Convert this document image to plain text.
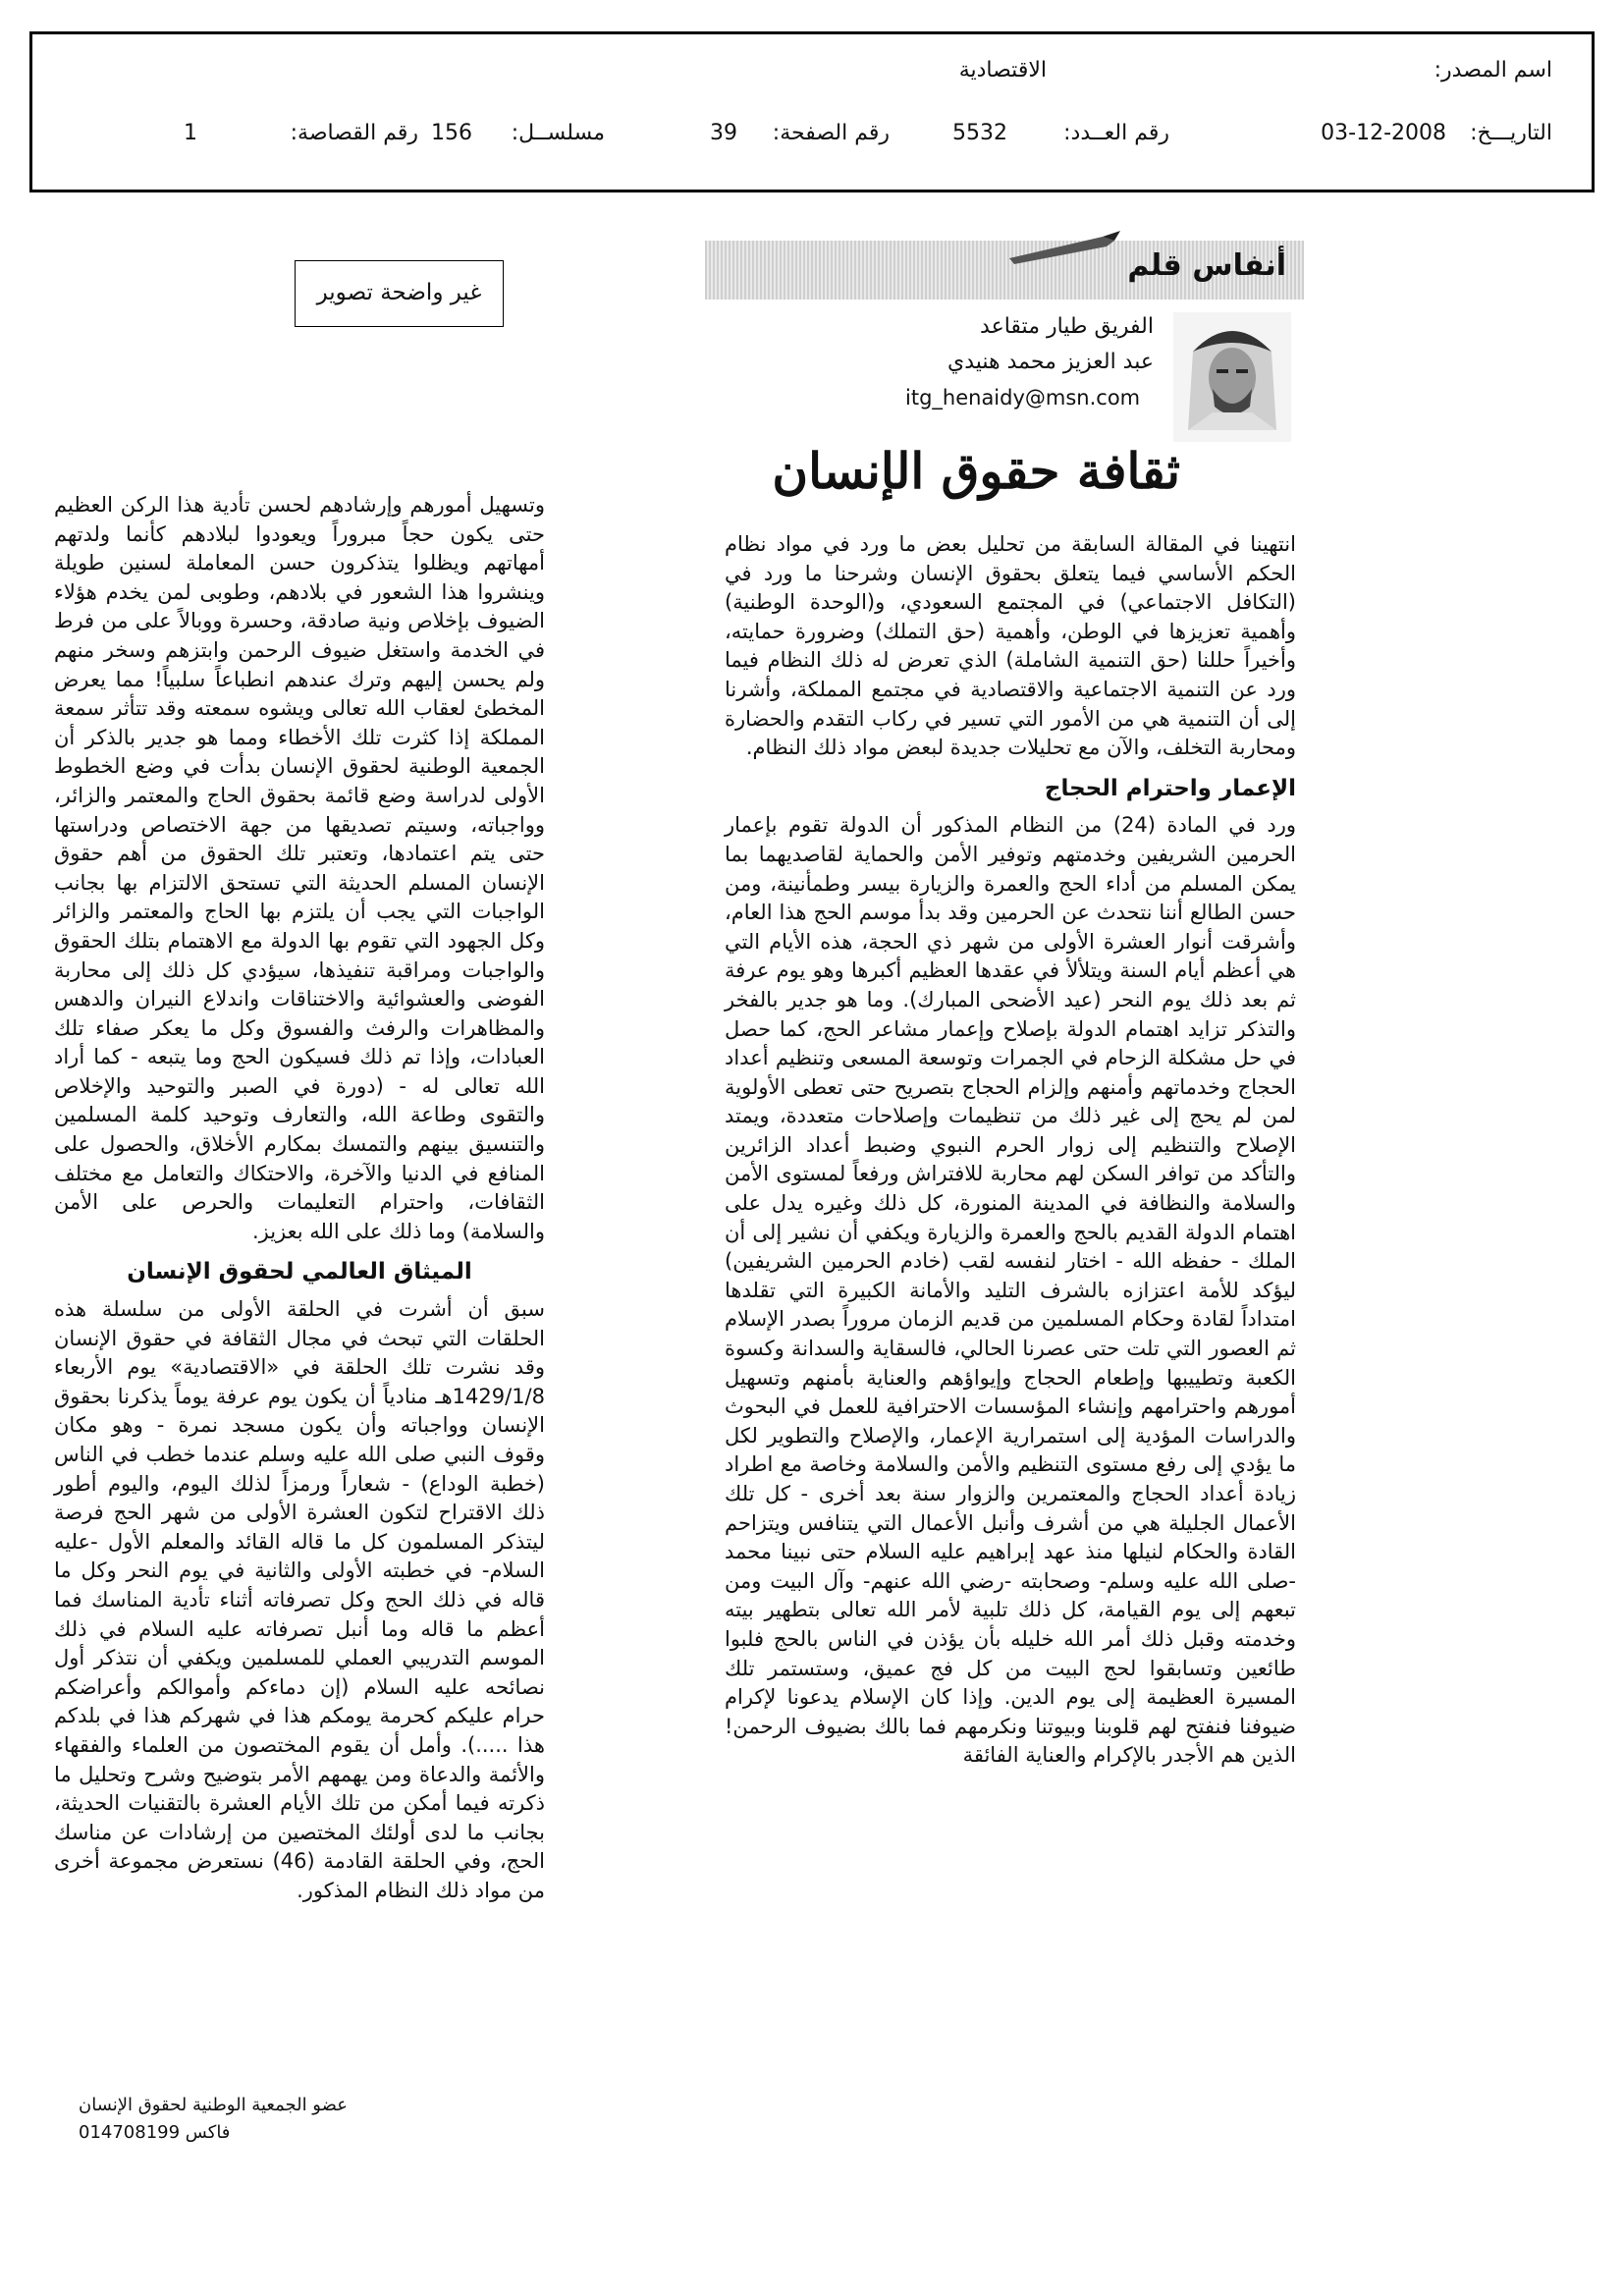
اسم المصدر:
الاقتصادية
التاريـــخ:
03-12-2008
رقم العــدد:
5532
رقم الصفحة:
39
مسلســل:
156
رقم القصاصة:
1
غير واضحة تصوير
أنفاس قلم
الفريق طيار متقاعد
عبد العزيز محمد هنيدي
itg_henaidy@msn.com
ثقافة حقوق الإنسان

انتهينا في المقالة السابقة من تحليل بعض ما ورد في مواد نظام الحكم الأساسي فيما يتعلق بحقوق الإنسان وشرحنا ما ورد في (التكافل الاجتماعي) في المجتمع السعودي، و(الوحدة الوطنية) وأهمية تعزيزها في الوطن، وأهمية (حق التملك) وضرورة حمايته، وأخيراً حللنا (حق التنمية الشاملة) الذي تعرض له ذلك النظام فيما ورد عن التنمية الاجتماعية والاقتصادية في مجتمع المملكة، وأشرنا إلى أن التنمية هي من الأمور التي تسير في ركاب التقدم والحضارة ومحاربة التخلف، والآن مع تحليلات جديدة لبعض مواد ذلك النظام.

الإعمار واحترام الحجاج

ورد في المادة (24) من النظام المذكور أن الدولة تقوم بإعمار الحرمين الشريفين وخدمتهم وتوفير الأمن والحماية لقاصديهما بما يمكن المسلم من أداء الحج والعمرة والزيارة بيسر وطمأنينة، ومن حسن الطالع أننا نتحدث عن الحرمين وقد بدأ موسم الحج هذا العام، وأشرقت أنوار العشرة الأولى من شهر ذي الحجة، هذه الأيام التي هي أعظم أيام السنة ويتلألأ في عقدها العظيم أكبرها وهو يوم عرفة ثم بعد ذلك يوم النحر (عيد الأضحى المبارك). وما هو جدير بالفخر والتذكر تزايد اهتمام الدولة بإصلاح وإعمار مشاعر الحج، كما حصل في حل مشكلة الزحام في الجمرات وتوسعة المسعى وتنظيم أعداد الحجاج وخدماتهم وأمنهم وإلزام الحجاج بتصريح حتى تعطى الأولوية لمن لم يحج إلى غير ذلك من تنظيمات وإصلاحات متعددة، ويمتد الإصلاح والتنظيم إلى زوار الحرم النبوي وضبط أعداد الزائرين والتأكد من توافر السكن لهم محاربة للافتراش ورفعاً لمستوى الأمن والسلامة والنظافة في المدينة المنورة، كل ذلك وغيره يدل على اهتمام الدولة القديم بالحج والعمرة والزيارة ويكفي أن نشير إلى أن الملك - حفظه الله - اختار لنفسه لقب (خادم الحرمين الشريفين) ليؤكد للأمة اعتزازه بالشرف التليد والأمانة الكبيرة التي تقلدها امتداداً لقادة وحكام المسلمين من قديم الزمان مروراً بصدر الإسلام ثم العصور التي تلت حتى عصرنا الحالي، فالسقاية والسدانة وكسوة الكعبة وتطييبها وإطعام الحجاج وإيواؤهم والعناية بأمنهم وتسهيل أمورهم واحترامهم وإنشاء المؤسسات الاحترافية للعمل في البحوث والدراسات المؤدية إلى استمرارية الإعمار، والإصلاح والتطوير لكل ما يؤدي إلى رفع مستوى التنظيم والأمن والسلامة وخاصة مع اطراد زيادة أعداد الحجاج والمعتمرين والزوار سنة بعد أخرى - كل تلك الأعمال الجليلة هي من أشرف وأنبل الأعمال التي يتنافس ويتزاحم القادة والحكام لنيلها منذ عهد إبراهيم عليه السلام حتى نبينا محمد -صلى الله عليه وسلم- وصحابته -رضي الله عنهم- وآل البيت ومن تبعهم إلى يوم القيامة، كل ذلك تلبية لأمر الله تعالى بتطهير بيته وخدمته وقبل ذلك أمر الله خليله بأن يؤذن في الناس بالحج فلبوا طائعين وتسابقوا لحج البيت من كل فج عميق، وستستمر تلك المسيرة العظيمة إلى يوم الدين. وإذا كان الإسلام يدعونا لإكرام ضيوفنا فنفتح لهم قلوبنا وبيوتنا ونكرمهم فما بالك بضيوف الرحمن! الذين هم الأجدر بالإكرام والعناية الفائقة

وتسهيل أمورهم وإرشادهم لحسن تأدية هذا الركن العظيم حتى يكون حجاً مبروراً ويعودوا لبلادهم كأنما ولدتهم أمهاتهم ويظلوا يتذكرون حسن المعاملة لسنين طويلة وينشروا هذا الشعور في بلادهم، وطوبى لمن يخدم هؤلاء الضيوف بإخلاص ونية صادقة، وحسرة ووبالاً على من فرط في الخدمة واستغل ضيوف الرحمن وابتزهم وسخر منهم ولم يحسن إليهم وترك عندهم انطباعاً سلبياً! مما يعرض المخطئ لعقاب الله تعالى ويشوه سمعته وقد تتأثر سمعة المملكة إذا كثرت تلك الأخطاء ومما هو جدير بالذكر أن الجمعية الوطنية لحقوق الإنسان بدأت في وضع الخطوط الأولى لدراسة وضع قائمة بحقوق الحاج والمعتمر والزائر، وواجباته، وسيتم تصديقها من جهة الاختصاص ودراستها حتى يتم اعتمادها، وتعتبر تلك الحقوق من أهم حقوق الإنسان المسلم الحديثة التي تستحق الالتزام بها بجانب الواجبات التي يجب أن يلتزم بها الحاج والمعتمر والزائر وكل الجهود التي تقوم بها الدولة مع الاهتمام بتلك الحقوق والواجبات ومراقبة تنفيذها، سيؤدي كل ذلك إلى محاربة الفوضى والعشوائية والاختناقات واندلاع النيران والدهس والمظاهرات والرفث والفسوق وكل ما يعكر صفاء تلك العبادات، وإذا تم ذلك فسيكون الحج وما يتبعه - كما أراد الله تعالى له - (دورة في الصبر والتوحيد والإخلاص والتقوى وطاعة الله، والتعارف وتوحيد كلمة المسلمين والتنسيق بينهم والتمسك بمكارم الأخلاق، والحصول على المنافع في الدنيا والآخرة، والاحتكاك والتعامل مع مختلف الثقافات، واحترام التعليمات والحرص على الأمن والسلامة) وما ذلك على الله بعزيز.

الميثاق العالمي لحقوق الإنسان

سبق أن أشرت في الحلقة الأولى من سلسلة هذه الحلقات التي تبحث في مجال الثقافة في حقوق الإنسان وقد نشرت تلك الحلقة في «الاقتصادية» يوم الأربعاء 1429/1/8هـ منادياً أن يكون يوم عرفة يوماً يذكرنا بحقوق الإنسان وواجباته وأن يكون مسجد نمرة - وهو مكان وقوف النبي صلى الله عليه وسلم عندما خطب في الناس (خطبة الوداع) - شعاراً ورمزاً لذلك اليوم، واليوم أطور ذلك الاقتراح لتكون العشرة الأولى من شهر الحج فرصة ليتذكر المسلمون كل ما قاله القائد والمعلم الأول -عليه السلام- في خطبته الأولى والثانية في يوم النحر وكل ما قاله في ذلك الحج وكل تصرفاته أثناء تأدية المناسك فما أعظم ما قاله وما أنبل تصرفاته عليه السلام في ذلك الموسم التدريبي العملي للمسلمين ويكفي أن نتذكر أول نصائحه عليه السلام (إن دماءكم وأموالكم وأعراضكم حرام عليكم كحرمة يومكم هذا في شهركم هذا في بلدكم هذا .....). وأمل أن يقوم المختصون من العلماء والفقهاء والأئمة والدعاة ومن يهمهم الأمر بتوضيح وشرح وتحليل ما ذكرته فيما أمكن من تلك الأيام العشرة بالتقنيات الحديثة، بجانب ما لدى أولئك المختصين من إرشادات عن مناسك الحج، وفي الحلقة القادمة (46) نستعرض مجموعة أخرى من مواد ذلك النظام المذكور.

عضو الجمعية الوطنية لحقوق الإنسان
فاكس 014708199
